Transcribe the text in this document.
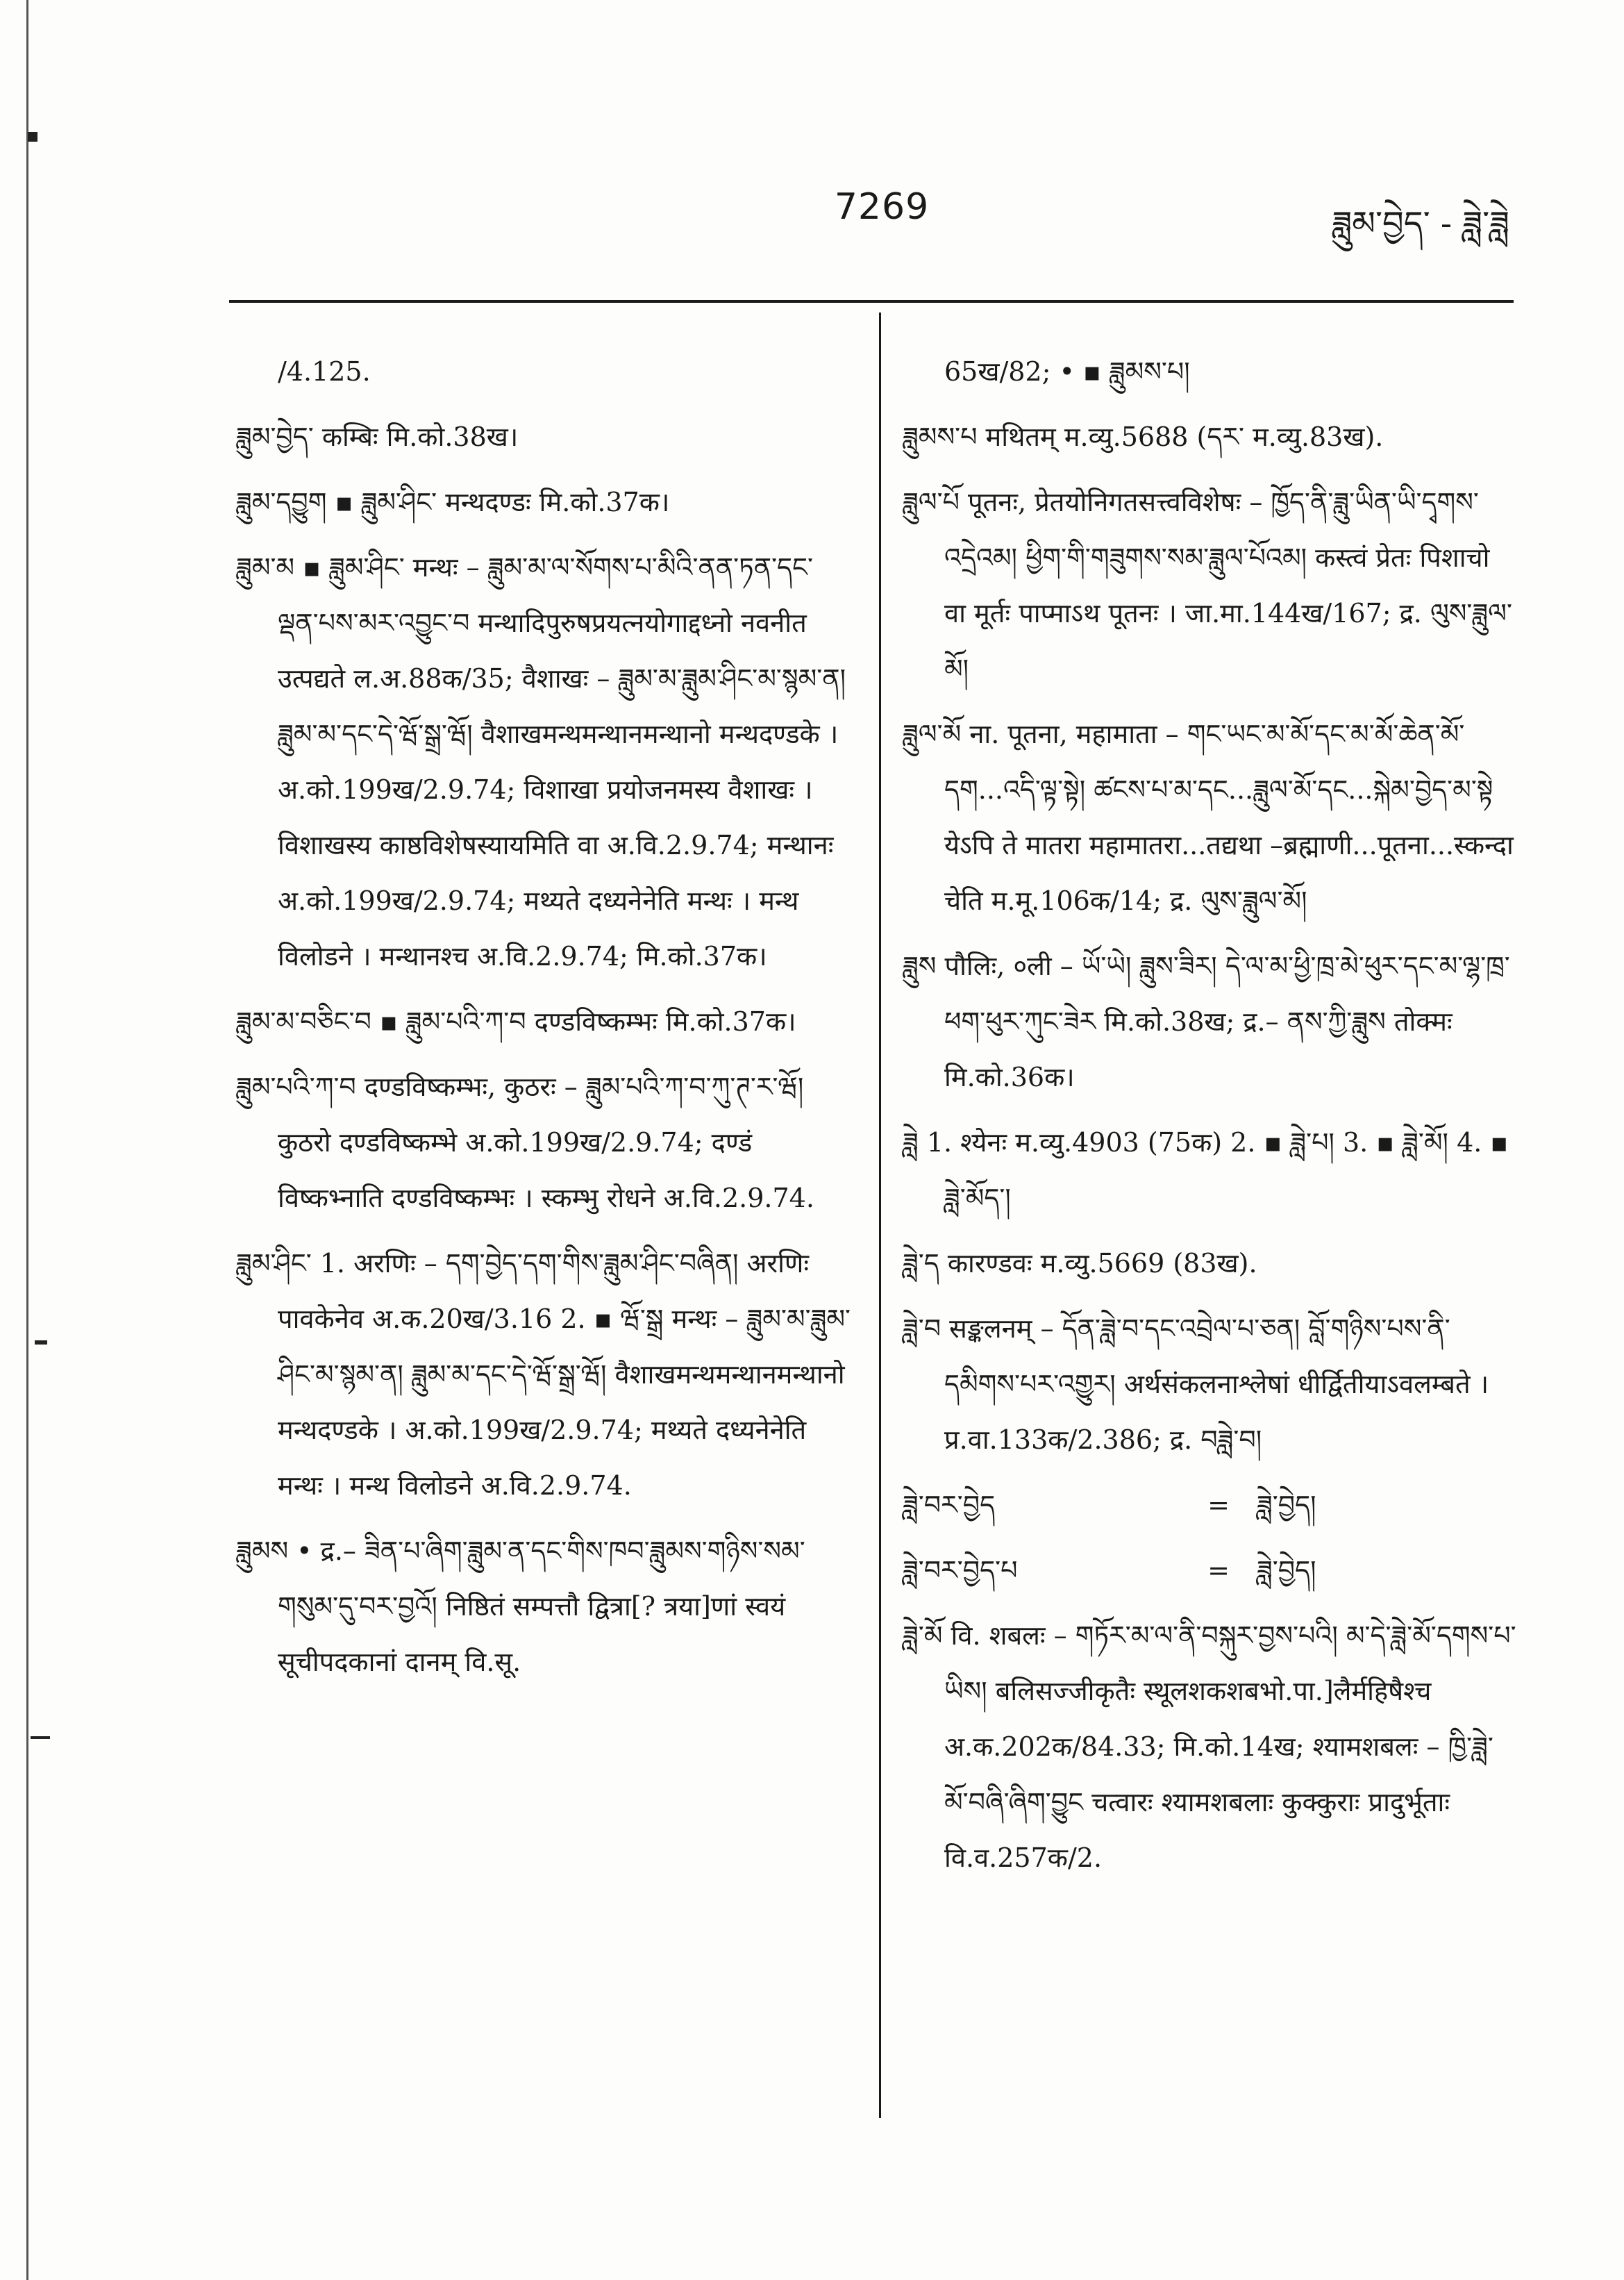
7269	ཟླུམ་བྱེད་ - ཟླེ་ཟླེ

/4.125.

ཟླུམ་བྱེད་ कम्बिः मि.को.38ख।

ཟླུམ་དབྱུག ▪ ཟླུམ་ཤིང་ मन्थदण्डः मि.को.37क।

ཟླུམ་མ ▪ ཟླུམ་ཤིང་ मन्थः – ཟླུམ་མ་ལ་སོགས་པ་མིའི་ནན་ཏན་དང་ལྡན་པས་མར་འབྱུང་བ मन्थादिपुरुषप्रयत्नयोगाद्दध्नो नवनीत उत्पद्यते ल.अ.88क/35; वैशाखः – ཟླུམ་མ་ཟླུམ་ཤིང་མ་སྙམ་ན། ཟླུམ་མ་དང་དེ་ཝོ་སྒྲ་ཝོ། वैशाखमन्थमन्थानमन्थानो मन्थदण्डके । अ.को.199ख/2.9.74; विशाखा प्रयोजनमस्य वैशाखः । विशाखस्य काष्ठविशेषस्यायमिति वा अ.वि.2.9.74; मन्थानः अ.को.199ख/2.9.74; मथ्यते दध्यनेनेति मन्थः । मन्थ विलोडने । मन्थानश्च अ.वि.2.9.74; मि.को.37क।

ཟླུམ་མ་བཅིང་བ ▪ ཟླུམ་པའི་ཀ་བ दण्डविष्कम्भः मि.को.37क।

ཟླུམ་པའི་ཀ་བ दण्डविष्कम्भः, कुठरः – ཟླུམ་པའི་ཀ་བ་ཀུ་ཊ་ར་ཝོ། कुठरो दण्डविष्कम्भे अ.को.199ख/2.9.74; दण्डं विष्कभ्नाति दण्डविष्कम्भः । स्कम्भु रोधने अ.वि.2.9.74.

ཟླུམ་ཤིང་ 1. अरणिः – དག་བྱེད་དག་གིས་ཟླུམ་ཤིང་བཞིན། अरणिः पावकेनेव अ.क.20ख/3.16 2. ▪ ཝོ་སྒྲ मन्थः – ཟླུམ་མ་ཟླུམ་ཤིང་མ་སྙམ་ན། ཟླུམ་མ་དང་དེ་ཝོ་སྒྲ་ཝོ། वैशाखमन्थमन्थानमन्थानो मन्थदण्डके । अ.को.199ख/2.9.74; मथ्यते दध्यनेनेति मन्थः । मन्थ विलोडने अ.वि.2.9.74.

ཟླུམས • द्र.– ཟིན་པ་ཞིག་ཟླུམ་ན་དང་གིས་ཁབ་ཟླུམས་གཉིས་སམ་གསུམ་དུ་བར་བྱའོ། निष्ठितं सम्पत्तौ द्वित्रा[? त्रया]णां स्वयं सूचीपदकानां दानम् वि.सू.

65ख/82; • ▪ ཟླུམས་པ།

ཟླུམས་པ मथितम् म.व्यु.5688 (དར་ म.व्यु.83ख).

ཟླུལ་པོ पूतनः, प्रेतयोनिगतसत्त्वविशेषः – ཁྱོད་ནི་ཟླུ་ཡིན་ཡི་དྭགས་འདྲེའམ། ཕྱིག་གི་གཟུགས་སམ་ཟླུལ་པོའམ། कस्त्वं प्रेतः पिशाचो वा मूर्तः पाप्माऽथ पूतनः । जा.मा.144ख/167; द्र. ལུས་ཟླུལ་མོ།

ཟླུལ་མོ ना. पूतना, महामाता – གང་ཡང་མ་མོ་དང་མ་མོ་ཆེན་མོ་དག...འདི་ལྟ་སྟེ། ཚངས་པ་མ་དང...ཟླུལ་མོ་དང...སྐེམ་བྱེད་མ་སྟེ येऽपि ते मातरा महामातरा...तद्यथा –ब्रह्माणी...पूतना...स्कन्दा चेति म.मू.106क/14; द्र. ལུས་ཟླུལ་མོ།

ཟླུས पौलिः, ०ली – ཡོ་ཡེ། ཟླུས་ཟིར། དེ་ལ་མ་ཕྱི་ཁྲ་མེ་ཕུར་དང་མ་ལྷ་ཁྲ་ཕག་ཕུར་ཀུང་ཟེར मि.को.38ख; द्र.– ནས་ཀྱི་ཟླུས तोक्मः मि.को.36क।

ཟླེ 1. श्येनः म.व्यु.4903 (75क) 2. ▪ ཟླེ་པ། 3. ▪ ཟླེ་མོ། 4. ▪ ཟླེ་མོད་།

ཟླེ་ད कारण्डवः म.व्यु.5669 (83ख).

ཟླེ་བ सङ्कलनम् – དོན་ཟླེ་བ་དང་འབྲེལ་པ་ཅན། བློ་གཉིས་པས་ནི་དམིགས་པར་འགྱུར། अर्थसंकलनाश्लेषां धीर्द्वितीयाऽवलम्बते । प्र.वा.133क/2.386; द्र. བཟླེ་བ།

ཟླེ་བར་བྱེད	=	ཟླེ་བྱེད།
ཟླེ་བར་བྱེད་པ	=	ཟླེ་བྱེད།

ཟླེ་མོ वि. शबलः – གཏོར་མ་ལ་ནི་བསྐུར་བྱས་པའི། མ་དེ་ཟླེ་མོ་དགས་པ་ཡིས། बलिसज्जीकृतैः स्थूलशकशबभो.पा.]लैर्महिषैश्च अ.क.202क/84.33; मि.को.14ख; श्यामशबलः – ཁྱི་ཟླེ་མོ་བཞི་ཞིག་བྱུང चत्वारः श्यामशबलाः कुक्कुराः प्रादुर्भूताः वि.व.257क/2.
